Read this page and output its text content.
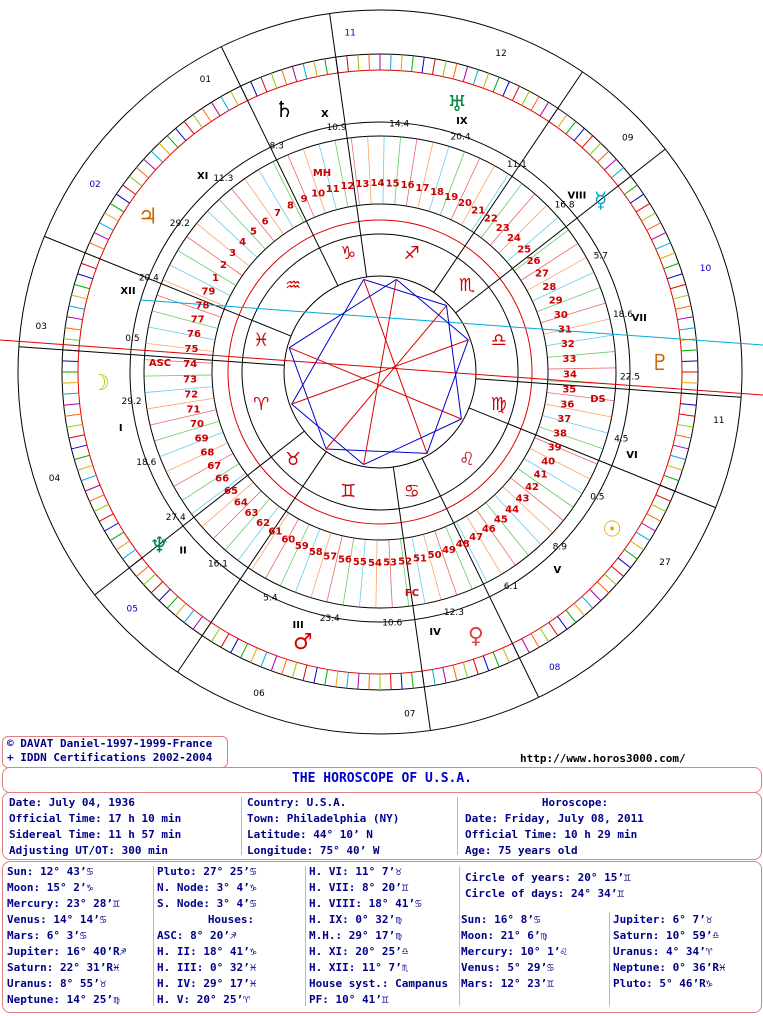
♈
♉
♊	♋
♌
♍
♎
♏
♐
♑
♒
♓
I
II
III
IV
V
VI
VII
VIII
IX
X
XI
XII
1
2
3
4
5
6
7
8
9 10 11 12 13 14 15 16 17 18 19
20
21
22
23
24
25
26
27
28
29
30
31
32
33
34
35
36
37
38
39
40
41
42
43
44
45
46
47
48
49
50
51
52
53
54
55
56
57
58
59
60
61
62
63
64
65
66
67
68
69
70
71
72
73
74
75
76
77
78
79
11
12
09
10
11
27
08
07
06
05
04
03
02
01
♄	♅
☿
♇
☉
♀
♂
♆
☽
♃
10.9	14.4
20.4
11.1
16.8
5.7
18.6
22.5
4.5
0.5
8.9
6.1
12.3
10.6
23.4
5.4
16.1
27.4
18.6
29.2
0.5
20.4
29.2
11.3
8.3
ASC
MH
DS
FC
© DAVAT Daniel-1997-1999-France
+ IDDN Certifications 2002-2004	http://www.horos3000.com/
THE HOROSCOPE OF U.S.A.
Date: July 04, 1936
Official Time: 17 h 10 min
Sidereal Time: 11 h 57 min
Adjusting UT/OT: 300 min
Country: U.S.A.
Town: Philadelphia (NY)
Latitude: 44° 10’ N
Longitude: 75° 40’ W
Horoscope:
Date: Friday, July 08, 2011
Official Time: 10 h 29 min
Age: 75 years old
Sun: 12° 43’♋
Moon: 15° 2’♑
Mercury: 23° 28’♊
Venus: 14° 14’♋
Mars: 6° 3’♋
Jupiter: 16° 40’R♐
Saturn: 22° 31’R♓
Uranus: 8° 55’♉
Neptune: 14° 25’♍
Pluto: 27° 25’♋
N. Node: 3° 4’♑
S. Node: 3° 4’♋
Houses:
ASC: 8° 20’♐
H. II: 18° 41’♑
H. III: 0° 32’♓
H. IV: 29° 17’♓
H. V: 20° 25’♈
H. VI: 11° 7’♉
H. VII: 8° 20’♊
H. VIII: 18° 41’♋
H. IX: 0° 32’♍
M.H.: 29° 17’♍
H. XI: 20° 25’♎
H. XII: 11° 7’♏
House syst.: Campanus
PF: 10° 41’♊
Circle of years: 20° 15’♊
Circle of days: 24° 34’♊
Sun: 16° 8’♋
Moon: 21° 6’♍
Mercury: 10° 1’♌
Venus: 5° 29’♋
Mars: 12° 23’♊
Jupiter: 6° 7’♉
Saturn: 10° 59’♎
Uranus: 4° 34’♈
Neptune: 0° 36’R♓
Pluto: 5° 46’R♑
